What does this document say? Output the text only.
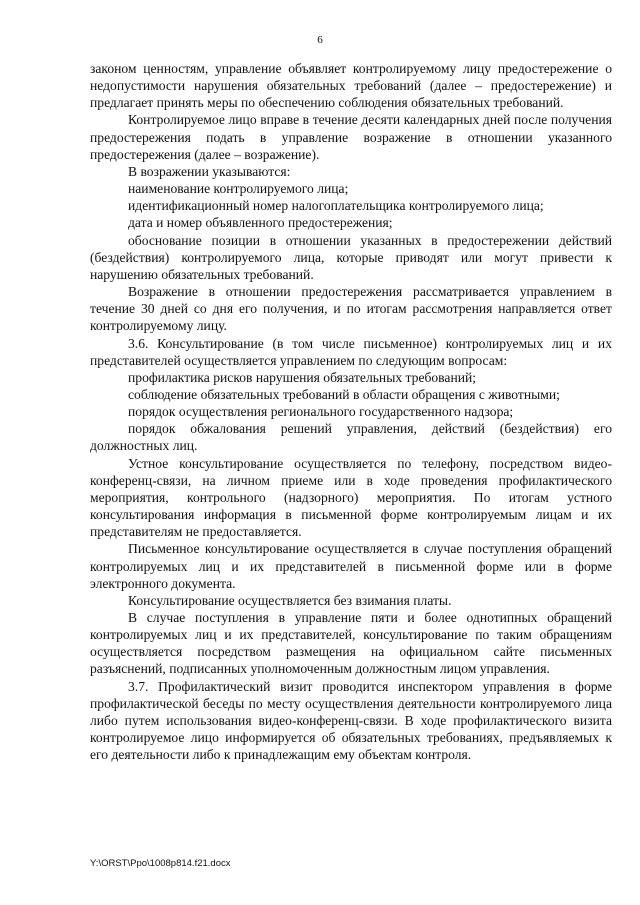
6

законом ценностям, управление объявляет контролируемому лицу предостережение о недопустимости нарушения обязательных требований (далее – предостережение) и предлагает принять меры по обеспечению соблюдения обязательных требований.

Контролируемое лицо вправе в течение десяти календарных дней после получения предостережения подать в управление возражение в отношении указанного предостережения (далее – возражение).

В возражении указываются:

наименование контролируемого лица;

идентификационный номер налогоплательщика контролируемого лица;

дата и номер объявленного предостережения;

обоснование позиции в отношении указанных в предостережении действий (бездействия) контролируемого лица, которые приводят или могут привести к нарушению обязательных требований.

Возражение в отношении предостережения рассматривается управлением в течение 30 дней со дня его получения, и по итогам рассмотрения направляется ответ контролируемому лицу.

3.6. Консультирование (в том числе письменное) контролируемых лиц и их представителей осуществляется управлением по следующим вопросам:

профилактика рисков нарушения обязательных требований;

соблюдение обязательных требований в области обращения с животными;

порядок осуществления регионального государственного надзора;

порядок обжалования решений управления, действий (бездействия) его должностных лиц.

Устное консультирование осуществляется по телефону, посредством видео-конференц-связи, на личном приеме или в ходе проведения профилактического мероприятия, контрольного (надзорного) мероприятия. По итогам устного консультирования информация в письменной форме контролируемым лицам и их представителям не предоставляется.

Письменное консультирование осуществляется в случае поступления обращений контролируемых лиц и их представителей в письменной форме или в форме электронного документа.

Консультирование осуществляется без взимания платы.

В случае поступления в управление пяти и более однотипных обращений контролируемых лиц и их представителей, консультирование по таким обращениям осуществляется посредством размещения на официальном сайте письменных разъяснений, подписанных уполномоченным должностным лицом управления.

3.7. Профилактический визит проводится инспектором управления в форме профилактической беседы по месту осуществления деятельности контролируемого лица либо путем использования видео-конференц-связи. В ходе профилактического визита контролируемое лицо информируется об обязательных требованиях, предъявляемых к его деятельности либо к принадлежащим ему объектам контроля.

Y:\ORST\Ppo\1008p814.f21.docx
